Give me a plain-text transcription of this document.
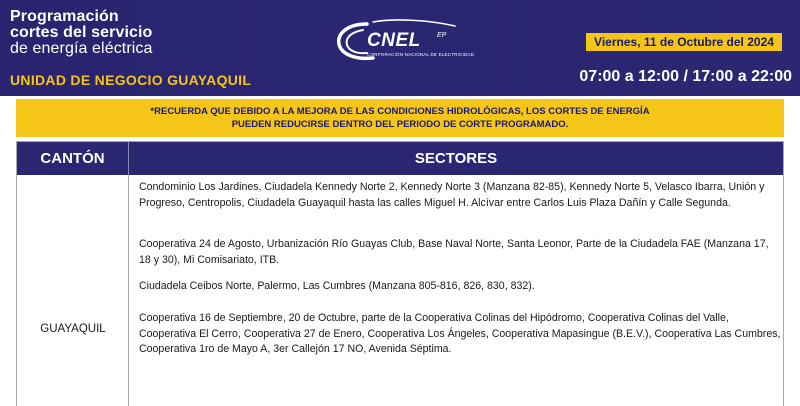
Programación
cortes del servicio
de energía eléctrica
UNIDAD DE NEGOCIO GUAYAQUIL
CNEL EP
CORPORACIÓN NACIONAL DE ELECTRICIDAD
Viernes, 11 de Octubre del 2024
07:00 a 12:00 / 17:00 a 22:00
*RECUERDA QUE DEBIDO A LA MEJORA DE LAS CONDICIONES HIDROLÓGICAS, LOS CORTES DE ENERGÍA
PUEDEN REDUCIRSE DENTRO DEL PERIODO DE CORTE PROGRAMADO.
CANTÓN	SECTORES
GUAYAQUIL

Condominio Los Jardines, Ciudadela Kennedy Norte 2, Kennedy Norte 3 (Manzana 82-85), Kennedy Norte 5, Velasco Ibarra, Unión y Progreso, Centropolis, Ciudadela Guayaquil hasta las calles Miguel H. Alcívar entre Carlos Luis Plaza Dañín y Calle Segunda.

Cooperativa 24 de Agosto, Urbanización Río Guayas Club, Base Naval Norte, Santa Leonor, Parte de la Ciudadela FAE (Manzana 17, 18 y 30), Mi Comisariato, ITB.

Ciudadela Ceibos Norte, Palermo, Las Cumbres (Manzana 805-816, 826, 830, 832).

Cooperativa 16 de Septiembre, 20 de Octubre, parte de la Cooperativa Colinas del Hipódromo, Cooperativa Colinas del Valle, Cooperativa El Cerro, Cooperativa 27 de Enero, Cooperativa Los Ángeles, Cooperativa Mapasingue (B.E.V.), Cooperativa Las Cumbres, Cooperativa 1ro de Mayo A, 3er Callejón 17 NO, Avenida Séptima.
